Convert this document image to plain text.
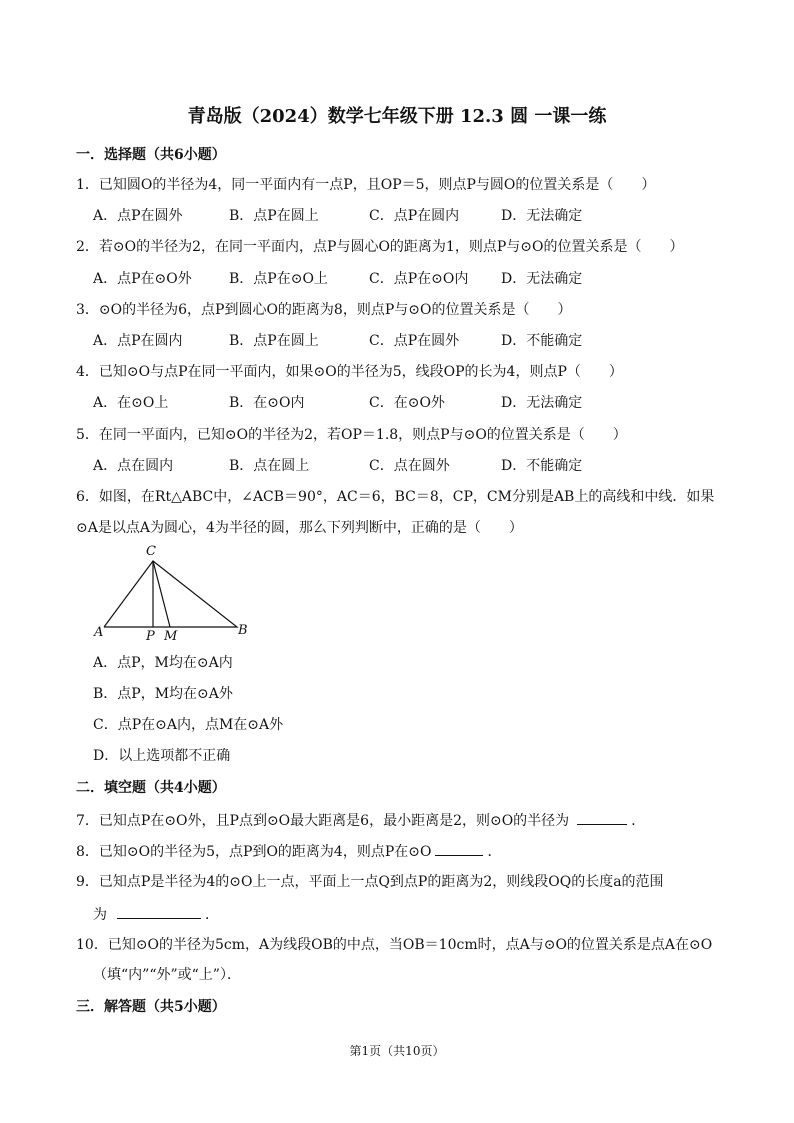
青岛版（2024）数学七年级下册 12.3 圆 一课一练
一．选择题（共6小题）
1．已知圆O的半径为4，同一平面内有一点P，且OP＝5，则点P与圆O的位置关系是（　　）
A．点P在圆外	B．点P在圆上	C．点P在圆内	D．无法确定
2．若⊙O的半径为2，在同一平面内，点P与圆心O的距离为1，则点P与⊙O的位置关系是（　　）
A．点P在⊙O外	B．点P在⊙O上	C．点P在⊙O内 D．无法确定
3．⊙O的半径为6，点P到圆心O的距离为8，则点P与⊙O的位置关系是（　　）
A．点P在圆内	B．点P在圆上	C．点P在圆外	D．不能确定
4．已知⊙O与点P在同一平面内，如果⊙O的半径为5，线段OP的长为4，则点P（　　）
A．在⊙O上	B．在⊙O内	C．在⊙O外	D．无法确定
5．在同一平面内，已知⊙O的半径为2，若OP＝1.8，则点P与⊙O的位置关系是（　　）
A．点在圆内	B．点在圆上	C．点在圆外	D．不能确定
6．如图，在Rt△ABC中，∠ACB＝90°，AC＝6，BC＝8，CP，CM分别是AB上的高线和中线．如果
⊙A是以点A为圆心，4为半径的圆，那么下列判断中，正确的是（　　）
C
A	P M	B
A．点P，M均在⊙A内
B．点P，M均在⊙A外
C．点P在⊙A内，点M在⊙A外
D．以上选项都不正确
二．填空题（共4小题）
7．已知点P在⊙O外，且P点到⊙O最大距离是6，最小距离是2，则⊙O的半径为	．
8．已知⊙O的半径为5，点P到O的距离为4，则点P在⊙O	．
9．已知点P是半径为4的⊙O上一点，平面上一点Q到点P的距离为2，则线段OQ的长度a的范围
为	．
10．已知⊙O的半径为5cm，A为线段OB的中点，当OB＝10cm时，点A与⊙O的位置关系是点A在⊙O
（填“内”“外”或“上”）．
三．解答题（共5小题）
第1页（共10页）
